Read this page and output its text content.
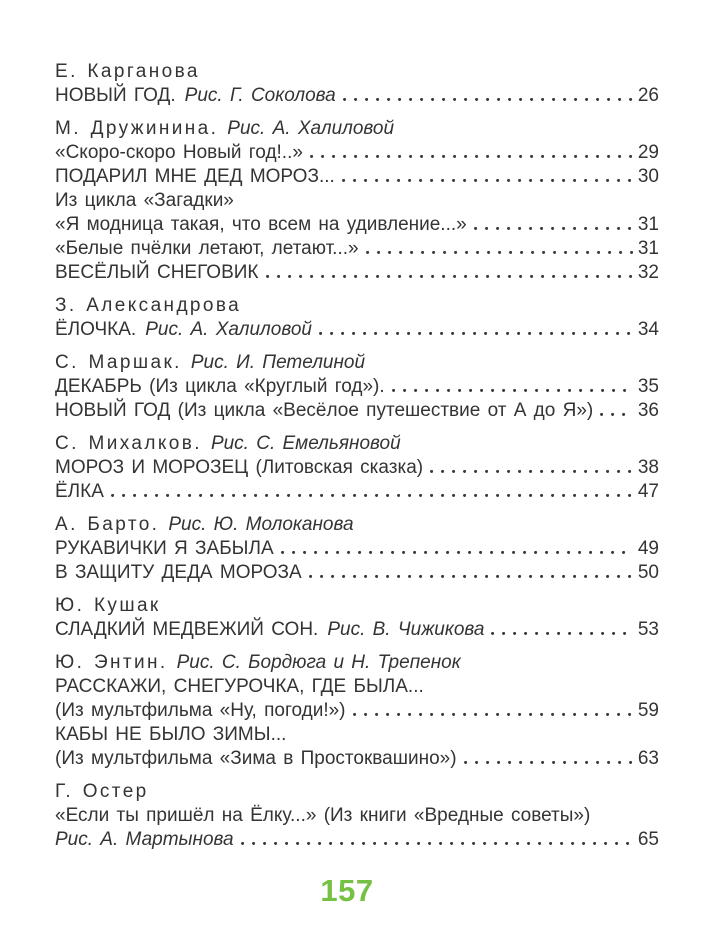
Е. Карганова
НОВЫЙ ГОД. Рис. Г. Соколова	26
М. Дружинина. Рис. А. Халиловой
«Скоро-скоро Новый год!..»	29
ПОДАРИЛ МНЕ ДЕД МОРОЗ...	30
Из цикла «Загадки»
«Я модница такая, что всем на удивление...»	31
«Белые пчёлки летают, летают...»	31
ВЕСЁЛЫЙ СНЕГОВИК	32
З. Александрова
ЁЛОЧКА. Рис. А. Халиловой	34
С. Маршак. Рис. И. Петелиной
ДЕКАБРЬ (Из цикла «Круглый год»).	35
НОВЫЙ ГОД (Из цикла «Весёлое путешествие от А до Я») 36
С. Михалков. Рис. С. Емельяновой
МОРОЗ И МОРОЗЕЦ (Литовская сказка)	38
ЁЛКА	47
А. Барто. Рис. Ю. Молоканова
РУКАВИЧКИ Я ЗАБЫЛА	49
В ЗАЩИТУ ДЕДА МОРОЗА	50
Ю. Кушак
СЛАДКИЙ МЕДВЕЖИЙ СОН. Рис. В. Чижикова	53
Ю. Энтин. Рис. С. Бордюга и Н. Трепенок
РАССКАЖИ, СНЕГУРОЧКА, ГДЕ БЫЛА...
(Из мультфильма «Ну, погоди!»)	59
КАБЫ НЕ БЫЛО ЗИМЫ...
(Из мультфильма «Зима в Простоквашино»)	63
Г. Остер
«Если ты пришёл на Ёлку...» (Из книги «Вредные советы»)
Рис. А. Мартынова	65
157
